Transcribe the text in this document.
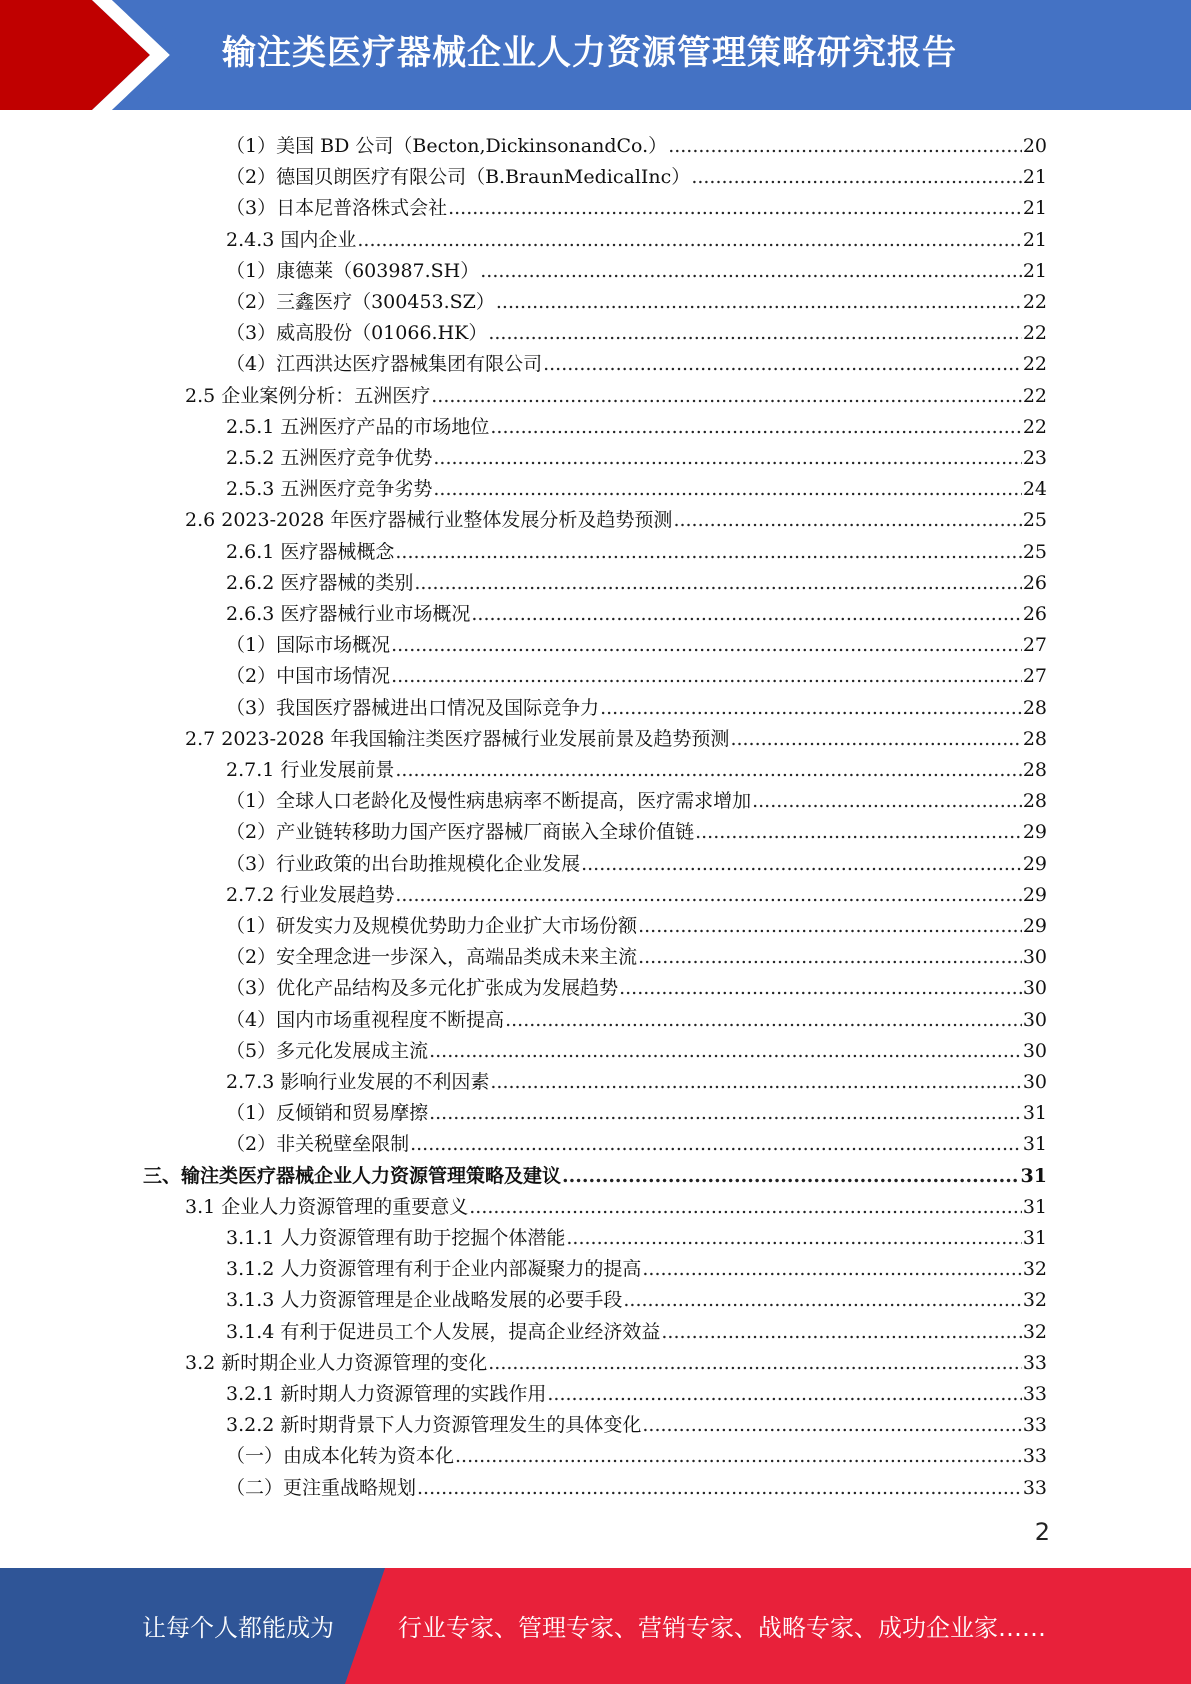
输注类医疗器械企业人力资源管理策略研究报告
（1）美国 BD 公司（Becton,DickinsonandCo.） .....	20
（2）德国贝朗医疗有限公司（B.BraunMedicalInc） .....	21
（3）日本尼普洛株式会社 .....	21
2.4.3 国内企业 .....	21
（1）康德莱（603987.SH） .....	21
（2）三鑫医疗（300453.SZ） .....	22
（3）威高股份（01066.HK） .....	22
（4）江西洪达医疗器械集团有限公司 .....	22
2.5 企业案例分析：五洲医疗 .....	22
2.5.1 五洲医疗产品的市场地位 .....	22
2.5.2 五洲医疗竞争优势 .....	23
2.5.3 五洲医疗竞争劣势 .....	24
2.6 2023-2028 年医疗器械行业整体发展分析及趋势预测 .....	25
2.6.1 医疗器械概念 .....	25
2.6.2 医疗器械的类别 .....	26
2.6.3 医疗器械行业市场概况 .....	26
（1）国际市场概况 .....	27
（2）中国市场情况 .....	27
（3）我国医疗器械进出口情况及国际竞争力 .....	28
2.7 2023-2028 年我国输注类医疗器械行业发展前景及趋势预测 .....	28
2.7.1 行业发展前景 .....	28
（1）全球人口老龄化及慢性病患病率不断提高，医疗需求增加 .....	28
（2）产业链转移助力国产医疗器械厂商嵌入全球价值链 .....	29
（3）行业政策的出台助推规模化企业发展 .....	29
2.7.2 行业发展趋势 .....	29
（1）研发实力及规模优势助力企业扩大市场份额 .....	29
（2）安全理念进一步深入，高端品类成未来主流 .....	30
（3）优化产品结构及多元化扩张成为发展趋势 .....	30
（4）国内市场重视程度不断提高 .....	30
（5）多元化发展成主流 .....	30
2.7.3 影响行业发展的不利因素 .....	30
（1）反倾销和贸易摩擦 .....	31
（2）非关税壁垒限制 .....	31
三、输注类医疗器械企业人力资源管理策略及建议 .....	31
3.1 企业人力资源管理的重要意义 .....	31
3.1.1 人力资源管理有助于挖掘个体潜能 .....	31
3.1.2 人力资源管理有利于企业内部凝聚力的提高 .....	32
3.1.3 人力资源管理是企业战略发展的必要手段 .....	32
3.1.4 有利于促进员工个人发展，提高企业经济效益 .....	32
3.2 新时期企业人力资源管理的变化 .....	33
3.2.1 新时期人力资源管理的实践作用 .....	33
3.2.2 新时期背景下人力资源管理发生的具体变化 .....	33
（一）由成本化转为资本化 .....	33
（二）更注重战略规划 .....	33
2
让每个人都能成为	行业专家、管理专家、营销专家、战略专家、成功企业家……
